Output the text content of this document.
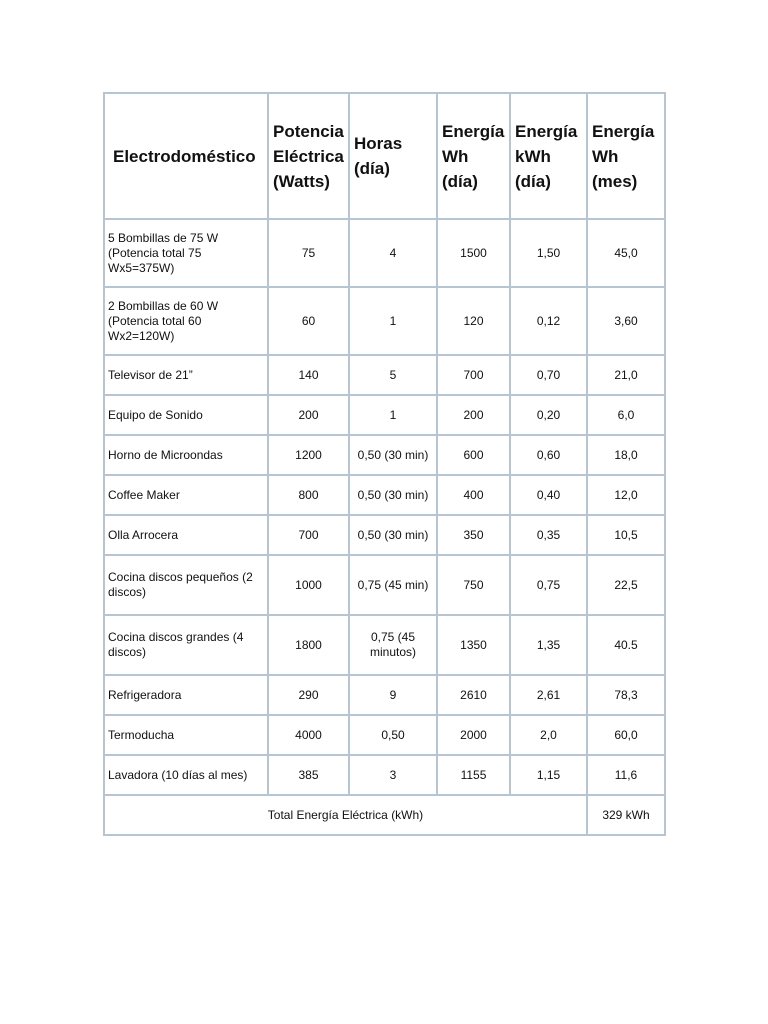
Electrodoméstico	Potencia Eléctrica (Watts)	Horas (día)	Energía Wh (día)	Energía kWh (día)	Energía Wh (mes)
5 Bombillas de 75 W (Potencia total 75 Wx5=375W)	75	4	1500	1,50	45,0
2 Bombillas de 60 W (Potencia total 60 Wx2=120W)	60	1	120	0,12	3,60
Televisor de 21”	140	5	700	0,70	21,0
Equipo de Sonido	200	1	200	0,20	6,0
Horno de Microondas	1200	0,50 (30 min)	600	0,60	18,0
Coffee Maker	800	0,50 (30 min)	400	0,40	12,0
Olla Arrocera	700	0,50 (30 min)	350	0,35	10,5
Cocina discos pequeños (2 discos)	1000	0,75 (45 min)	750	0,75	22,5
Cocina discos grandes (4 discos)	1800	0,75 (45 minutos)	1350	1,35	40.5
Refrigeradora	290	9	2610	2,61	78,3
Termoducha	4000	0,50	2000	2,0	60,0
Lavadora (10 días al mes)	385	3	1155	1,15	11,6
Total Energía Eléctrica (kWh)					329 kWh
